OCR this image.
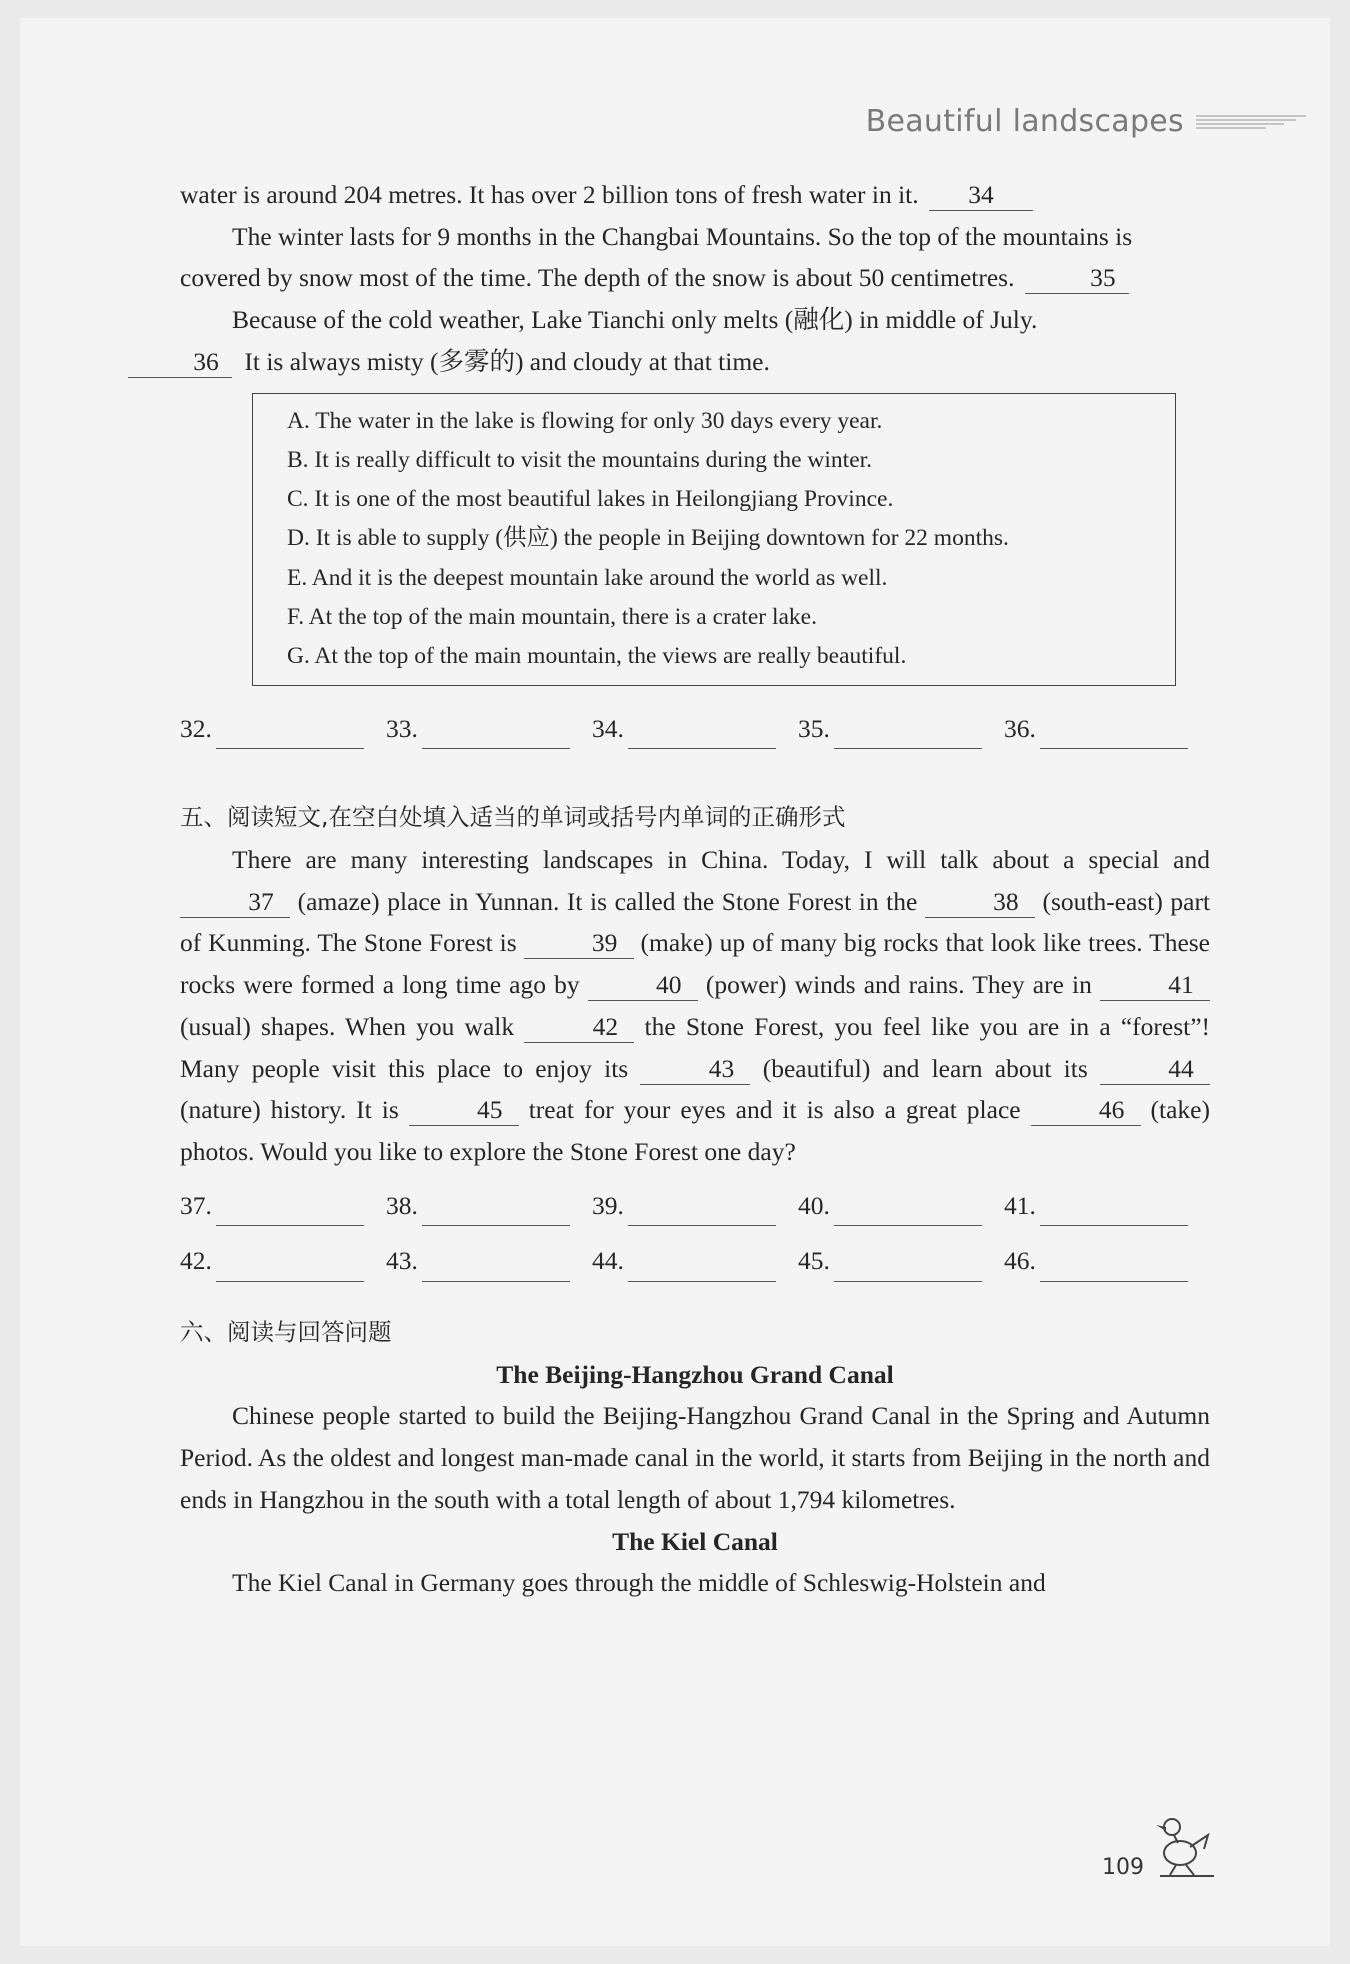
Beautiful landscapes

water is around 204 metres. It has over 2 billion tons of fresh water in it. 34

The winter lasts for 9 months in the Changbai Mountains. So the top of the mountains is covered by snow most of the time. The depth of the snow is about 50 centimetres.	35

Because of the cold weather, Lake Tianchi only melts (融化) in middle of July.
36 It is always misty (多雾的) and cloudy at that time.

A. The water in the lake is flowing for only 30 days every year.
B. It is really difficult to visit the mountains during the winter.
C. It is one of the most beautiful lakes in Heilongjiang Province.
D. It is able to supply (供应) the people in Beijing downtown for 22 months.
E. And it is the deepest mountain lake around the world as well.
F. At the top of the main mountain, there is a crater lake.
G. At the top of the main mountain, the views are really beautiful.
32.	33.	34.	35.	36.
五、阅读短文,在空白处填入适当的单词或括号内单词的正确形式

There are many interesting landscapes in China. Today, I will talk about a special and 37 (amaze) place in Yunnan. It is called the Stone Forest in the	38 (south-east) part of Kunming. The Stone Forest is	39 (make) up of many big rocks that look like trees. These rocks were formed a long time ago by	40 (power) winds and rains. They are in	41 (usual) shapes. When you walk	42 the Stone Forest, you feel like you are in a “forest”! Many people visit this place to enjoy its	43 (beautiful) and learn about its	44 (nature) history. It is	45 treat for your eyes and it is also a great place	46 (take) photos. Would you like to explore the Stone Forest one day?

37.	38.	39.	40.	41.
42.	43.	44.	45.	46.
六、阅读与回答问题
The Beijing-Hangzhou Grand Canal

Chinese people started to build the Beijing-Hangzhou Grand Canal in the Spring and Autumn Period. As the oldest and longest man-made canal in the world, it starts from Beijing in the north and ends in Hangzhou in the south with a total length of about 1,794 kilometres.

The Kiel Canal

The Kiel Canal in Germany goes through the middle of Schleswig-Holstein and

109
